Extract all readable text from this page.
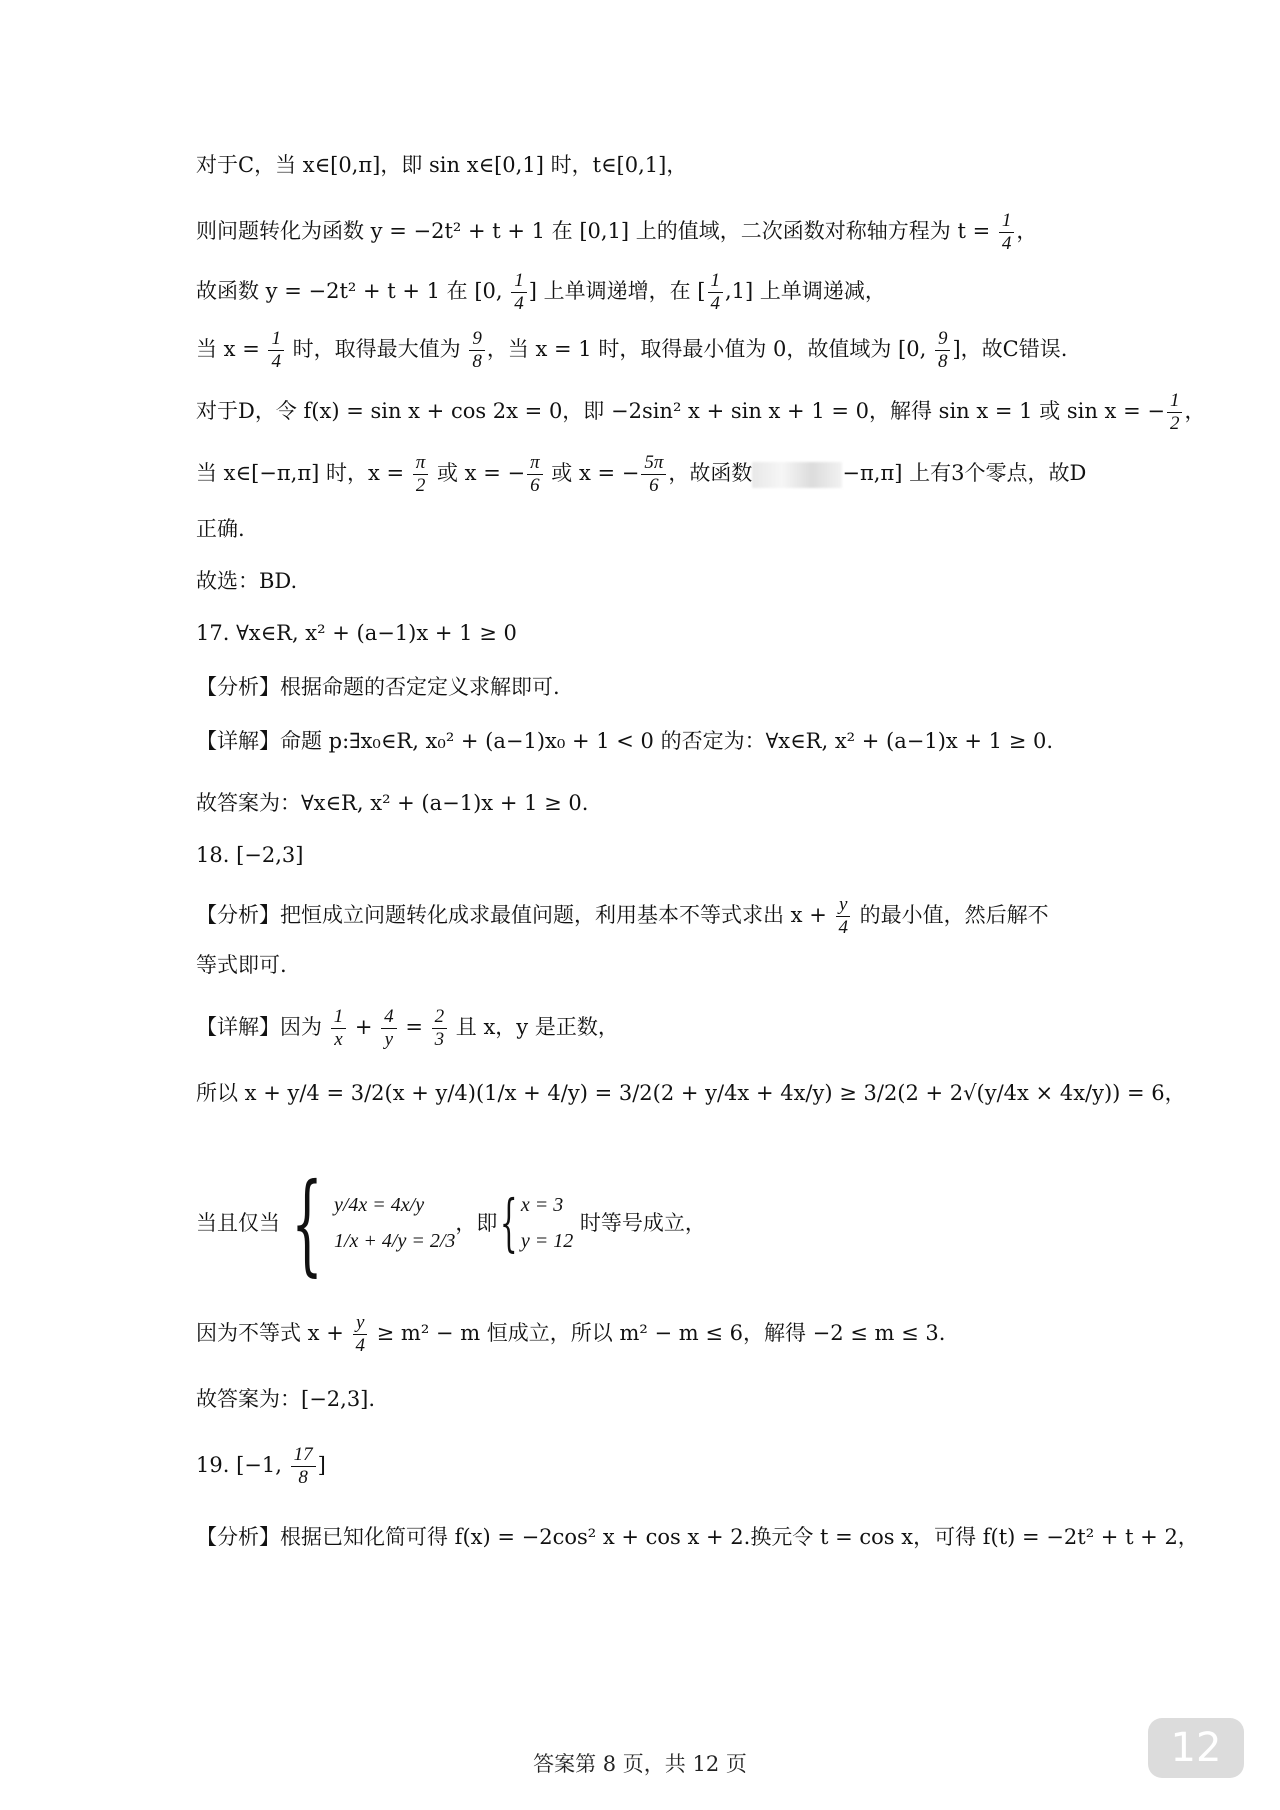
对于C，当 x∈[0,π]，即 sin x∈[0,1] 时，t∈[0,1]，
则问题转化为函数 y = −2t² + t + 1 在 [0,1] 上的值域，二次函数对称轴方程为 $t = \frac{1}{4}$ ，
故函数 y = −2t² + t + 1 在 [0, $\frac{1}{4}$ ] 上单调递增，在 [ $\frac{1}{4} ,1$] 上单调递减，
当 $x = \frac{1}{4}$ 时，取得最大值为 $\frac{9}{8}$ ，当 x = 1 时，取得最小值为 0，故值域为 [0, $\frac{9}{8}$ ]，故C错误.
对于D，令 f(x) = sin x + cos 2x = 0，即 −2sin² x + sin x + 1 = 0，解得 sin x = 1 或 sin x = − $\frac{1}{2}$ ，
当 x∈[−π,π] 时，$x = \frac{\pi}{2}$ 或 x = − $\frac{\pi}{6}$ 或 x = − $\frac{5\pi}{6}$ ，故函数	−π,π] 上有3个零点，故D
正确.
故选：BD.
17. ∀x∈R, x² + (a−1)x + 1 ≥ 0
【分析】根据命题的否定定义求解即可.
【详解】命题 p:∃x₀∈R, x₀² + (a−1)x₀ + 1 < 0 的否定为：∀x∈R, x² + (a−1)x + 1 ≥ 0.
故答案为：∀x∈R, x² + (a−1)x + 1 ≥ 0.
18. [−2,3]
【分析】把恒成立问题转化成求最值问题，利用基本不等式求出 $x + \frac{y}{4}$ 的最小值，然后解不
等式即可.
【详解】因为 $\frac{1}{x} + \frac{4}{y} = \frac{2}{3}$ 且 x，y 是正数，
所以 x + y/4 = 3/2(x + y/4)(1/x + 4/y) = 3/2(2 + y/4x + 4x/y) ≥ 3/2(2 + 2√(y/4x × 4x/y)) = 6，
当且仅当 { y/4x = 4x/y
1/x + 4/y = 2/3
，即 { x = 3
y = 12
时等号成立，
因为不等式 $x + \frac{y}{4} \ge m^2 - m$ 恒成立，所以 m² − m ≤ 6，解得 −2 ≤ m ≤ 3.
故答案为：[−2,3].
19. [−1, $\frac{17}{8}$ ]
【分析】根据已知化简可得 f(x) = −2cos² x + cos x + 2.换元令 t = cos x，可得 f(t) = −2t² + t + 2，
答案第 8 页，共 12 页	12
